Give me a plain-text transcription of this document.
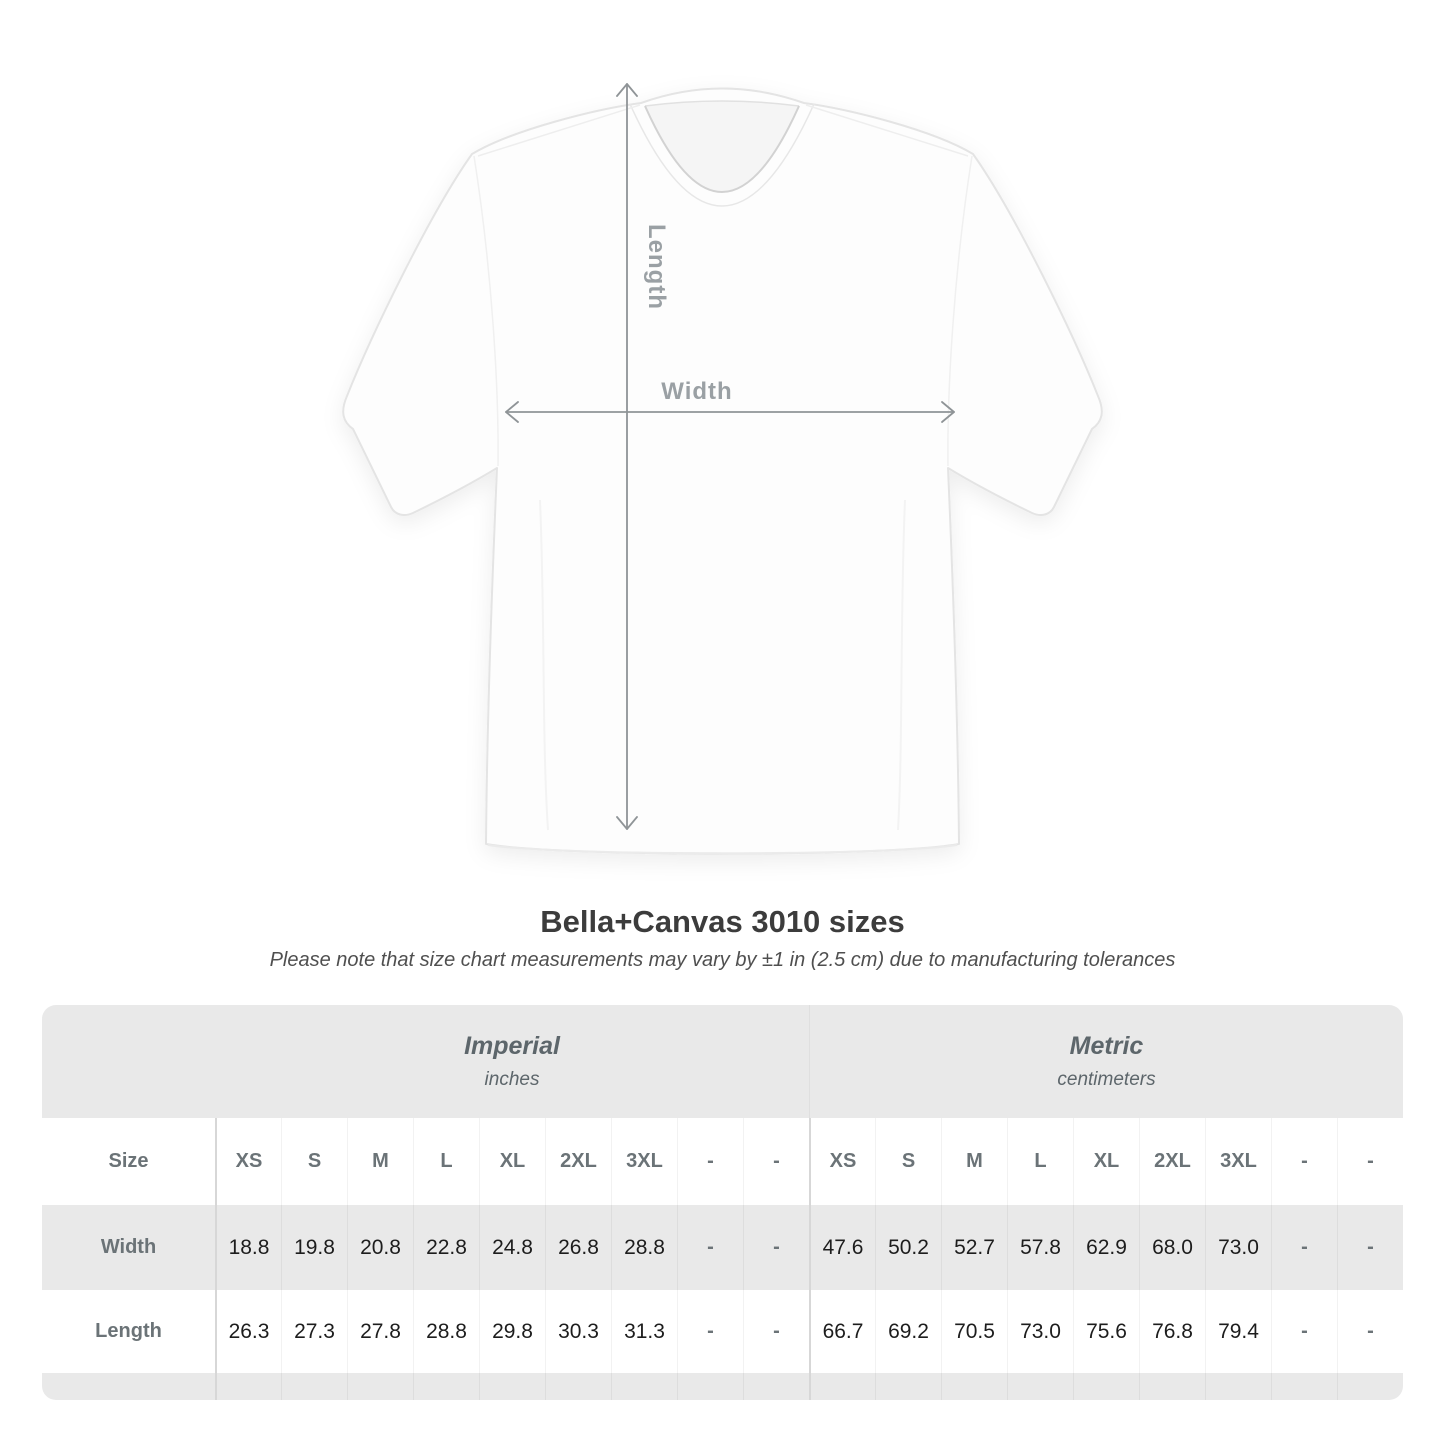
Length
Width
Bella+Canvas 3010 sizes

Please note that size chart measurements may vary by ±1 in (2.5 cm) due to manufacturing tolerances

Imperial
inches
Metric
centimeters
Size	XS	S	M	L	XL	2XL	3XL	-	-	XS	S	M	L	XL	2XL	3XL	-	-
Width	18.8	19.8	20.8	22.8	24.8	26.8	28.8	-	-	47.6	50.2	52.7	57.8	62.9	68.0	73.0	-	-
Length	26.3	27.3	27.8	28.8	29.8	30.3	31.3	-	-	66.7	69.2	70.5	73.0	75.6	76.8	79.4	-	-
